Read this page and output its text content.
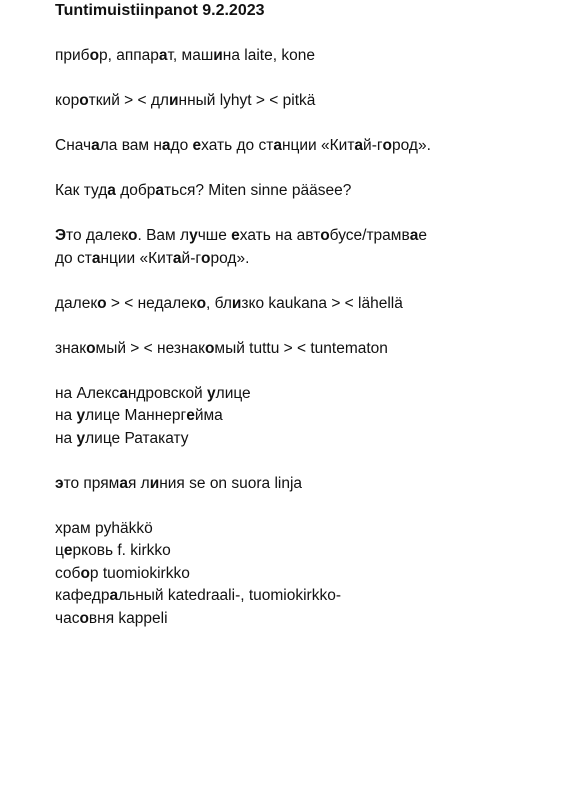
Tuntimuistiinpanot 9.2.2023
прибор, аппарат, машина laite, kone
короткий > < длинный lyhyt > < pitkä
Сначала вам надо ехать до станции «Китай-город».
Как туда добраться? Miten sinne pääsee?
Это далеко. Вам лучше ехать на автобусе/трамвае
до станции «Китай-город».
далеко > < недалеко, близко kaukana > < lähellä
знакомый > < незнакомый tuttu > < tuntematon
на Александровской улице
на улице Маннергейма
на улице Ратакату
это прямая линия se on suora linja
храм pyhäkkö
церковь f. kirkko
собор tuomiokirkko
кафедральный katedraali-, tuomiokirkko-
часовня kappeli
